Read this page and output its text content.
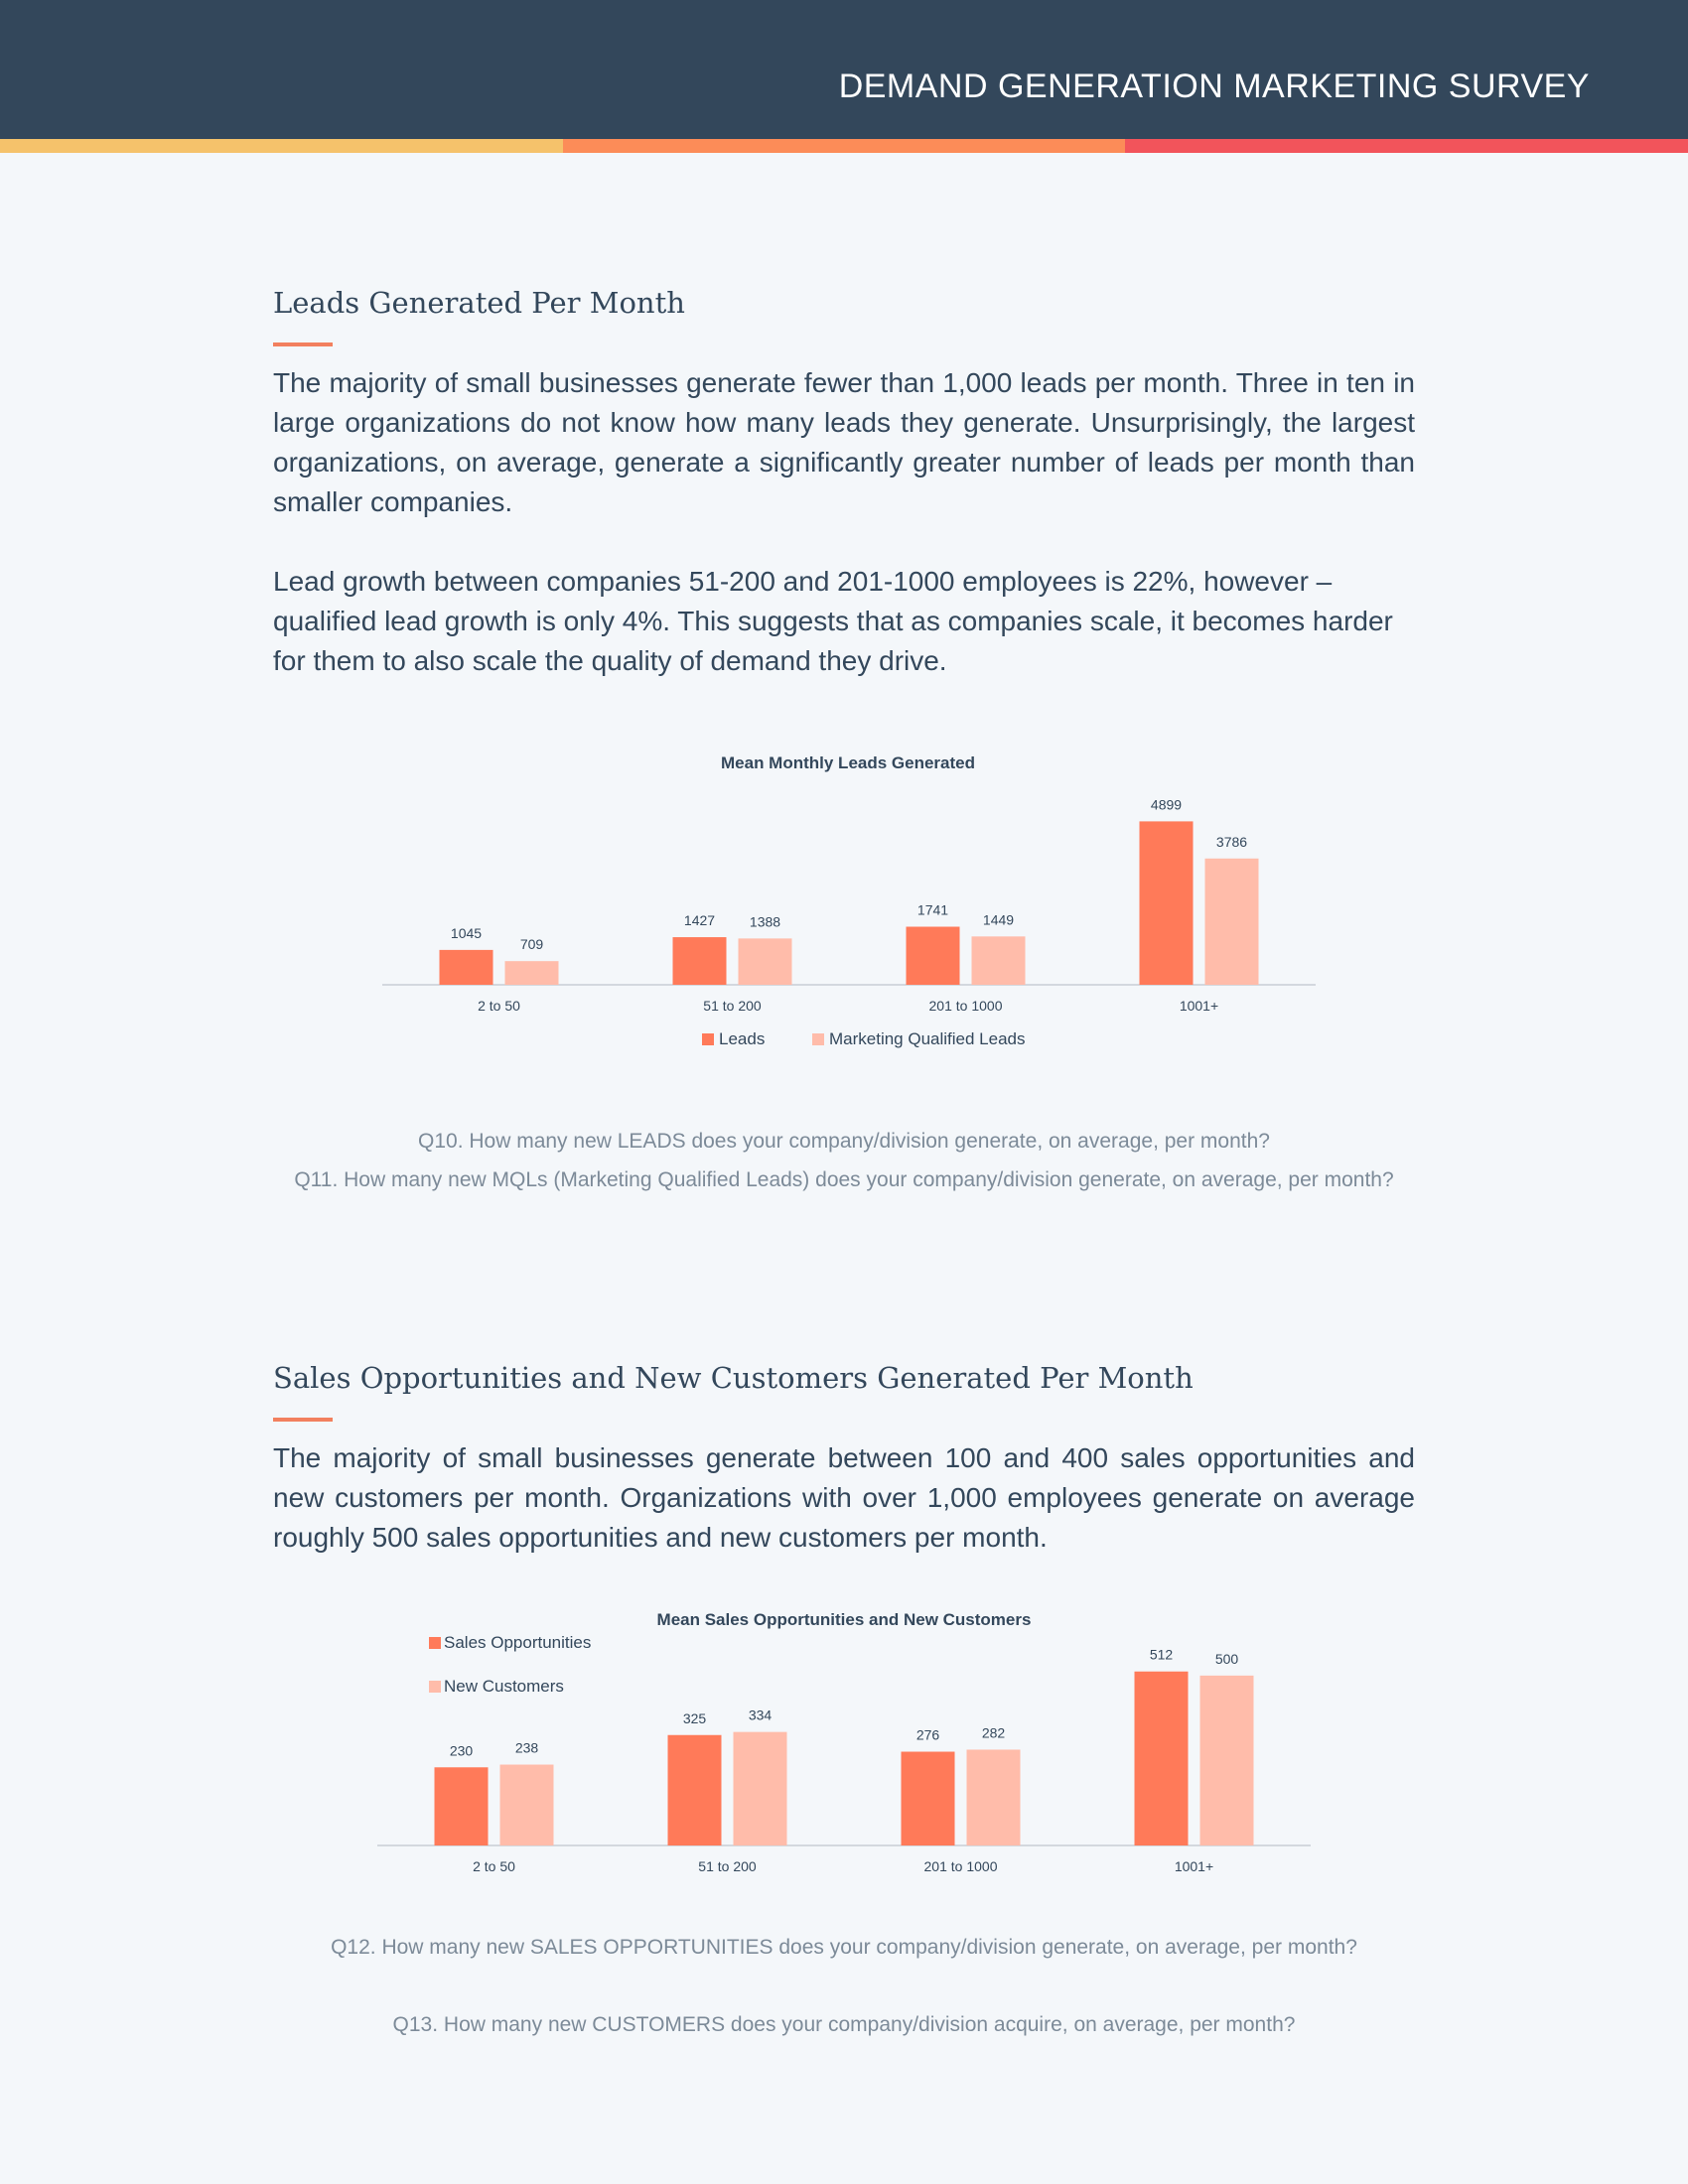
DEMAND GENERATION MARKETING SURVEY
Leads Generated Per Month

The majority of small businesses generate fewer than 1,000 leads per month. Three in ten in large organizations do not know how many leads they generate. Unsurprisingly, the largest organizations, on average, generate a significantly greater number of leads per month than smaller companies.

Lead growth between companies 51-200 and 201-1000 employees is 22%, however – qualified lead growth is only 4%. This suggests that as companies scale, it becomes harder for them to also scale the quality of demand they drive.

Mean Monthly Leads Generated
1045
709
2 to 50
1427 1388
51 to 200
1741
1449
201 to 1000
4899
3786
1001+
Leads	Marketing Qualified Leads

Q10. How many new LEADS does your company/division generate, on average, per month?

Q11. How many new MQLs (Marketing Qualified Leads) does your company/division generate, on average, per month?

Sales Opportunities and New Customers Generated Per Month

The majority of small businesses generate between 100 and 400 sales opportunities and new customers per month. Organizations with over 1,000 employees generate on average roughly 500 sales opportunities and new customers per month.

Mean Sales Opportunities and New Customers
230	238
2 to 50
325	334
51 to 200
276	282
201 to 1000
512	500
1001+
Sales Opportunities
New Customers

Q12. How many new SALES OPPORTUNITIES does your company/division generate, on average, per month?

Q13. How many new CUSTOMERS does your company/division acquire, on average, per month?
